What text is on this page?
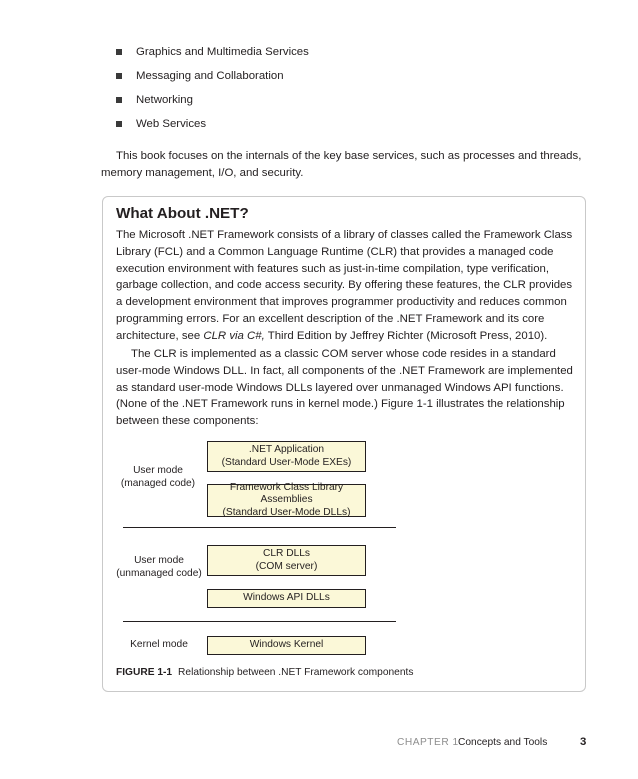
Graphics and Multimedia Services
Messaging and Collaboration
Networking
Web Services

This book focuses on the internals of the key base services, such as processes and threads, memory management, I/O, and security.

What About .NET?

The Microsoft .NET Framework consists of a library of classes called the Framework Class Library (FCL) and a Common Language Runtime (CLR) that provides a managed code execution environment with features such as just-in-time compilation, type verification, garbage collection, and code access security. By offering these features, the CLR provides a development environment that improves programmer productivity and reduces common programming errors. For an excellent description of the .NET Framework and its core architecture, see CLR via C#, Third Edition by Jeffrey Richter (Microsoft Press, 2010).

The CLR is implemented as a classic COM server whose code resides in a standard user-mode Windows DLL. In fact, all components of the .NET Framework are implemented as standard user-mode Windows DLLs layered over unmanaged Windows API functions. (None of the .NET Framework runs in kernel mode.) Figure 1-1 illustrates the relationship between these components:

User mode
(managed code)
.NET Application
(Standard User-Mode EXEs)
Framework Class Library Assemblies
(Standard User-Mode DLLs)
User mode
(unmanaged code)
CLR DLLs
(COM server)
Windows API DLLs
Kernel mode	Windows Kernel

FIGURE 1-1 Relationship between .NET Framework components

CHAPTER 1 Concepts and Tools	3
